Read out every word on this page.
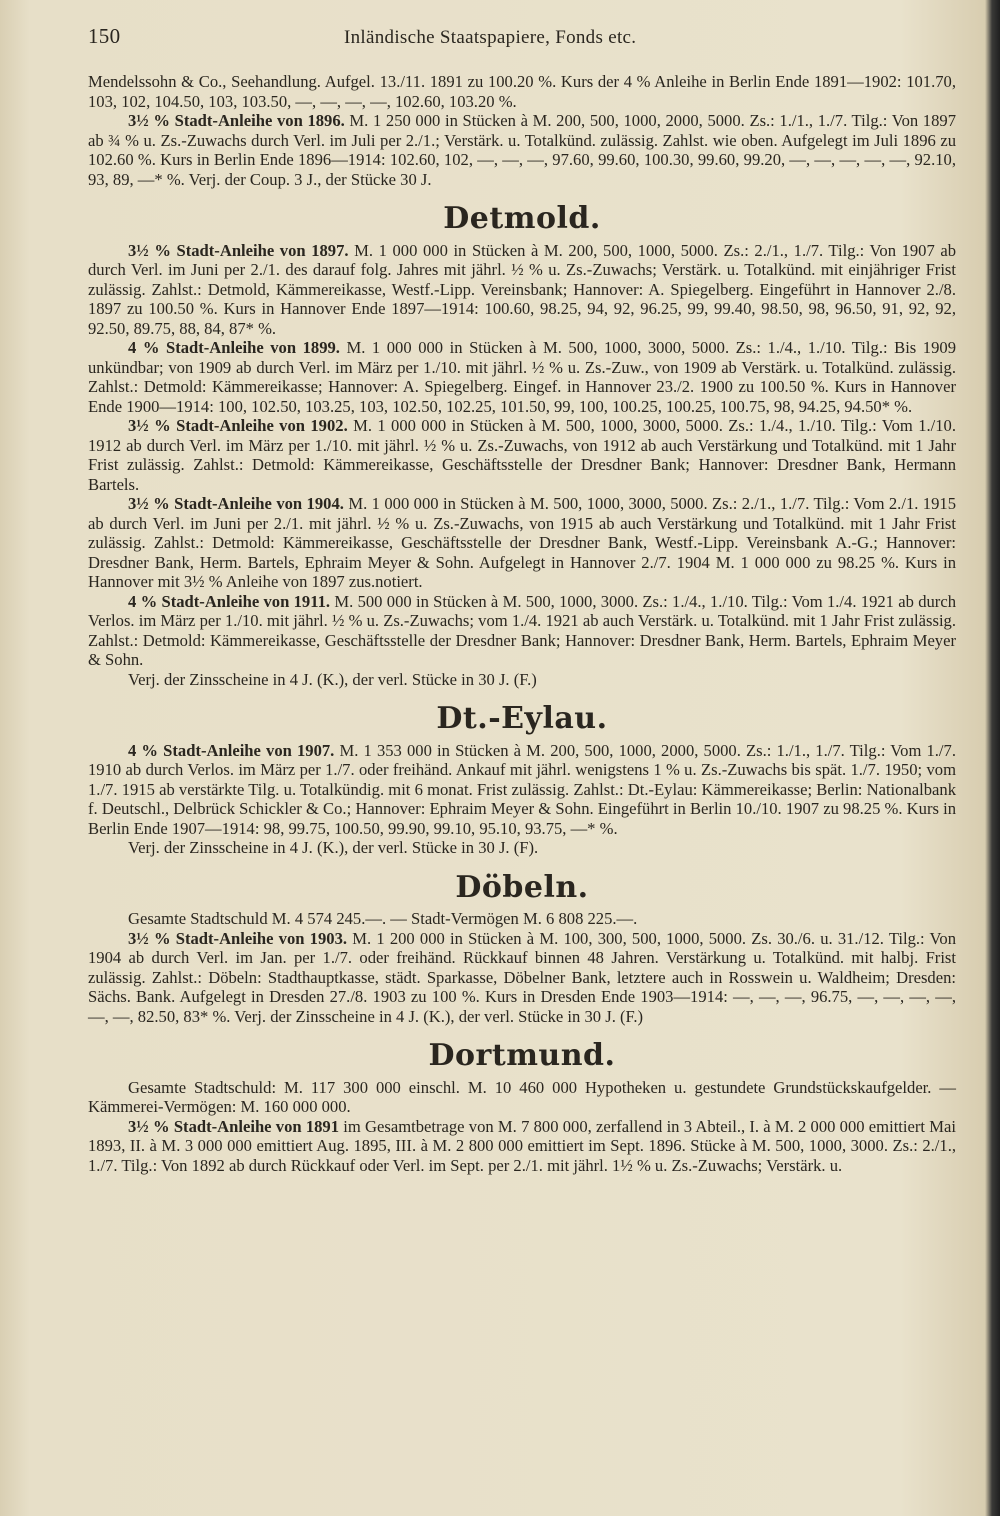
150	Inländische Staatspapiere, Fonds etc.

Mendelssohn & Co., Seehandlung. Aufgel. 13./11. 1891 zu 100.20 %. Kurs der 4 % Anleihe in Berlin Ende 1891—1902: 101.70, 103, 102, 104.50, 103, 103.50, —, —, —, —, 102.60, 103.20 %.

3½ % Stadt-Anleihe von 1896. M. 1 250 000 in Stücken à M. 200, 500, 1000, 2000, 5000. Zs.: 1./1., 1./7. Tilg.: Von 1897 ab ¾ % u. Zs.-Zuwachs durch Verl. im Juli per 2./1.; Verstärk. u. Totalkünd. zulässig. Zahlst. wie oben. Aufgelegt im Juli 1896 zu 102.60 %. Kurs in Berlin Ende 1896—1914: 102.60, 102, —, —, —, 97.60, 99.60, 100.30, 99.60, 99.20, —, —, —, —, —, 92.10, 93, 89, —* %. Verj. der Coup. 3 J., der Stücke 30 J.

Detmold.

3½ % Stadt-Anleihe von 1897. M. 1 000 000 in Stücken à M. 200, 500, 1000, 5000. Zs.: 2./1., 1./7. Tilg.: Von 1907 ab durch Verl. im Juni per 2./1. des darauf folg. Jahres mit jährl. ½ % u. Zs.-Zuwachs; Verstärk. u. Totalkünd. mit einjähriger Frist zulässig. Zahlst.: Detmold, Kämmereikasse, Westf.-Lipp. Vereinsbank; Hannover: A. Spiegelberg. Eingeführt in Hannover 2./8. 1897 zu 100.50 %. Kurs in Hannover Ende 1897—1914: 100.60, 98.25, 94, 92, 96.25, 99, 99.40, 98.50, 98, 96.50, 91, 92, 92, 92.50, 89.75, 88, 84, 87* %.

4 % Stadt-Anleihe von 1899. M. 1 000 000 in Stücken à M. 500, 1000, 3000, 5000. Zs.: 1./4., 1./10. Tilg.: Bis 1909 unkündbar; von 1909 ab durch Verl. im März per 1./10. mit jährl. ½ % u. Zs.-Zuw., von 1909 ab Verstärk. u. Totalkünd. zulässig. Zahlst.: Detmold: Kämmereikasse; Hannover: A. Spiegelberg. Eingef. in Hannover 23./2. 1900 zu 100.50 %. Kurs in Hannover Ende 1900—1914: 100, 102.50, 103.25, 103, 102.50, 102.25, 101.50, 99, 100, 100.25, 100.25, 100.75, 98, 94.25, 94.50* %.

3½ % Stadt-Anleihe von 1902. M. 1 000 000 in Stücken à M. 500, 1000, 3000, 5000. Zs.: 1./4., 1./10. Tilg.: Vom 1./10. 1912 ab durch Verl. im März per 1./10. mit jährl. ½ % u. Zs.-Zuwachs, von 1912 ab auch Verstärkung und Totalkünd. mit 1 Jahr Frist zulässig. Zahlst.: Detmold: Kämmereikasse, Geschäftsstelle der Dresdner Bank; Hannover: Dresdner Bank, Hermann Bartels.

3½ % Stadt-Anleihe von 1904. M. 1 000 000 in Stücken à M. 500, 1000, 3000, 5000. Zs.: 2./1., 1./7. Tilg.: Vom 2./1. 1915 ab durch Verl. im Juni per 2./1. mit jährl. ½ % u. Zs.-Zuwachs, von 1915 ab auch Verstärkung und Totalkünd. mit 1 Jahr Frist zulässig. Zahlst.: Detmold: Kämmereikasse, Geschäftsstelle der Dresdner Bank, Westf.-Lipp. Vereinsbank A.-G.; Hannover: Dresdner Bank, Herm. Bartels, Ephraim Meyer & Sohn. Aufgelegt in Hannover 2./7. 1904 M. 1 000 000 zu 98.25 %. Kurs in Hannover mit 3½ % Anleihe von 1897 zus.notiert.

4 % Stadt-Anleihe von 1911. M. 500 000 in Stücken à M. 500, 1000, 3000. Zs.: 1./4., 1./10. Tilg.: Vom 1./4. 1921 ab durch Verlos. im März per 1./10. mit jährl. ½ % u. Zs.-Zuwachs; vom 1./4. 1921 ab auch Verstärk. u. Totalkünd. mit 1 Jahr Frist zulässig. Zahlst.: Detmold: Kämmereikasse, Geschäftsstelle der Dresdner Bank; Hannover: Dresdner Bank, Herm. Bartels, Ephraim Meyer & Sohn.

Verj. der Zinsscheine in 4 J. (K.), der verl. Stücke in 30 J. (F.)

Dt.-Eylau.

4 % Stadt-Anleihe von 1907. M. 1 353 000 in Stücken à M. 200, 500, 1000, 2000, 5000. Zs.: 1./1., 1./7. Tilg.: Vom 1./7. 1910 ab durch Verlos. im März per 1./7. oder freihänd. Ankauf mit jährl. wenigstens 1 % u. Zs.-Zuwachs bis spät. 1./7. 1950; vom 1./7. 1915 ab verstärkte Tilg. u. Totalkündig. mit 6 monat. Frist zulässig. Zahlst.: Dt.-Eylau: Kämmereikasse; Berlin: Nationalbank f. Deutschl., Delbrück Schickler & Co.; Hannover: Ephraim Meyer & Sohn. Eingeführt in Berlin 10./10. 1907 zu 98.25 %. Kurs in Berlin Ende 1907—1914: 98, 99.75, 100.50, 99.90, 99.10, 95.10, 93.75, —* %.

Verj. der Zinsscheine in 4 J. (K.), der verl. Stücke in 30 J. (F).

Döbeln.

Gesamte Stadtschuld M. 4 574 245.—. — Stadt-Vermögen M. 6 808 225.—.

3½ % Stadt-Anleihe von 1903. M. 1 200 000 in Stücken à M. 100, 300, 500, 1000, 5000. Zs. 30./6. u. 31./12. Tilg.: Von 1904 ab durch Verl. im Jan. per 1./7. oder freihänd. Rückkauf binnen 48 Jahren. Verstärkung u. Totalkünd. mit halbj. Frist zulässig. Zahlst.: Döbeln: Stadthauptkasse, städt. Sparkasse, Döbelner Bank, letztere auch in Rosswein u. Waldheim; Dresden: Sächs. Bank. Aufgelegt in Dresden 27./8. 1903 zu 100 %. Kurs in Dresden Ende 1903—1914: —, —, —, 96.75, —, —, —, —, —, —, 82.50, 83* %. Verj. der Zinsscheine in 4 J. (K.), der verl. Stücke in 30 J. (F.)

Dortmund.

Gesamte Stadtschuld: M. 117 300 000 einschl. M. 10 460 000 Hypotheken u. gestundete Grundstückskaufgelder. — Kämmerei-Vermögen: M. 160 000 000.

3½ % Stadt-Anleihe von 1891 im Gesamtbetrage von M. 7 800 000, zerfallend in 3 Abteil., I. à M. 2 000 000 emittiert Mai 1893, II. à M. 3 000 000 emittiert Aug. 1895, III. à M. 2 800 000 emittiert im Sept. 1896. Stücke à M. 500, 1000, 3000. Zs.: 2./1., 1./7. Tilg.: Von 1892 ab durch Rückkauf oder Verl. im Sept. per 2./1. mit jährl. 1½ % u. Zs.-Zuwachs; Verstärk. u.
